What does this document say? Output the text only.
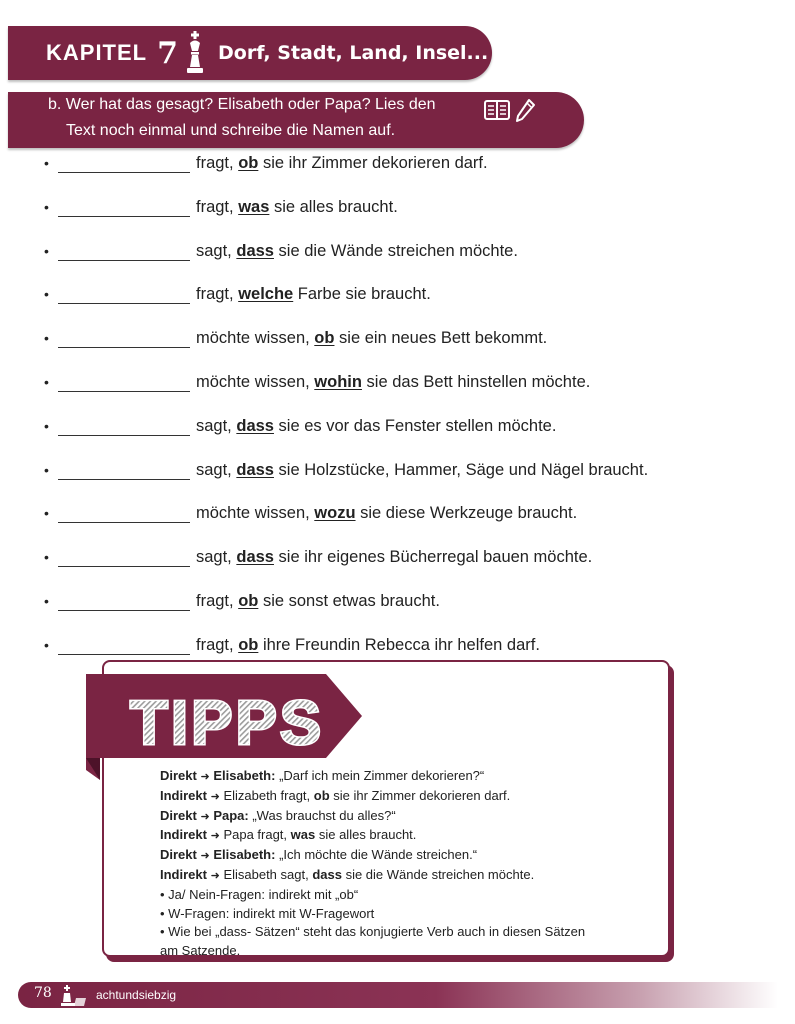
KAPITEL 7 Dorf, Stadt, Land, Insel...
b. Wer hat das gesagt? Elisabeth oder Papa? Lies den
Text noch einmal und schreibe die Namen auf.
•	fragt, ob sie ihr Zimmer dekorieren darf.
•	fragt, was sie alles braucht.
•	sagt, dass sie die Wände streichen möchte.
•	fragt, welche Farbe sie braucht.
•	möchte wissen, ob sie ein neues Bett bekommt.
•	möchte wissen, wohin sie das Bett hinstellen möchte.
•	sagt, dass sie es vor das Fenster stellen möchte.
•	sagt, dass sie Holzstücke, Hammer, Säge und Nägel braucht.
•	möchte wissen, wozu sie diese Werkzeuge braucht.
•	sagt, dass sie ihr eigenes Bücherregal bauen möchte.
•	fragt, ob sie sonst etwas braucht.
•	fragt, ob ihre Freundin Rebecca ihr helfen darf.
TIPPS
Direkt ➜ Elisabeth: „Darf ich mein Zimmer dekorieren?“
Indirekt ➜ Elizabeth fragt, ob sie ihr Zimmer dekorieren darf.
Direkt ➜ Papa: „Was brauchst du alles?“
Indirekt ➜ Papa fragt, was sie alles braucht.
Direkt ➜ Elisabeth: „Ich möchte die Wände streichen.“
Indirekt ➜ Elisabeth sagt, dass sie die Wände streichen möchte.
• Ja/ Nein-Fragen: indirekt mit „ob“
• W-Fragen: indirekt mit W-Fragewort
• Wie bei „dass- Sätzen“ steht das konjugierte Verb auch in diesen Sätzen
am Satzende.
78	achtundsiebzig
